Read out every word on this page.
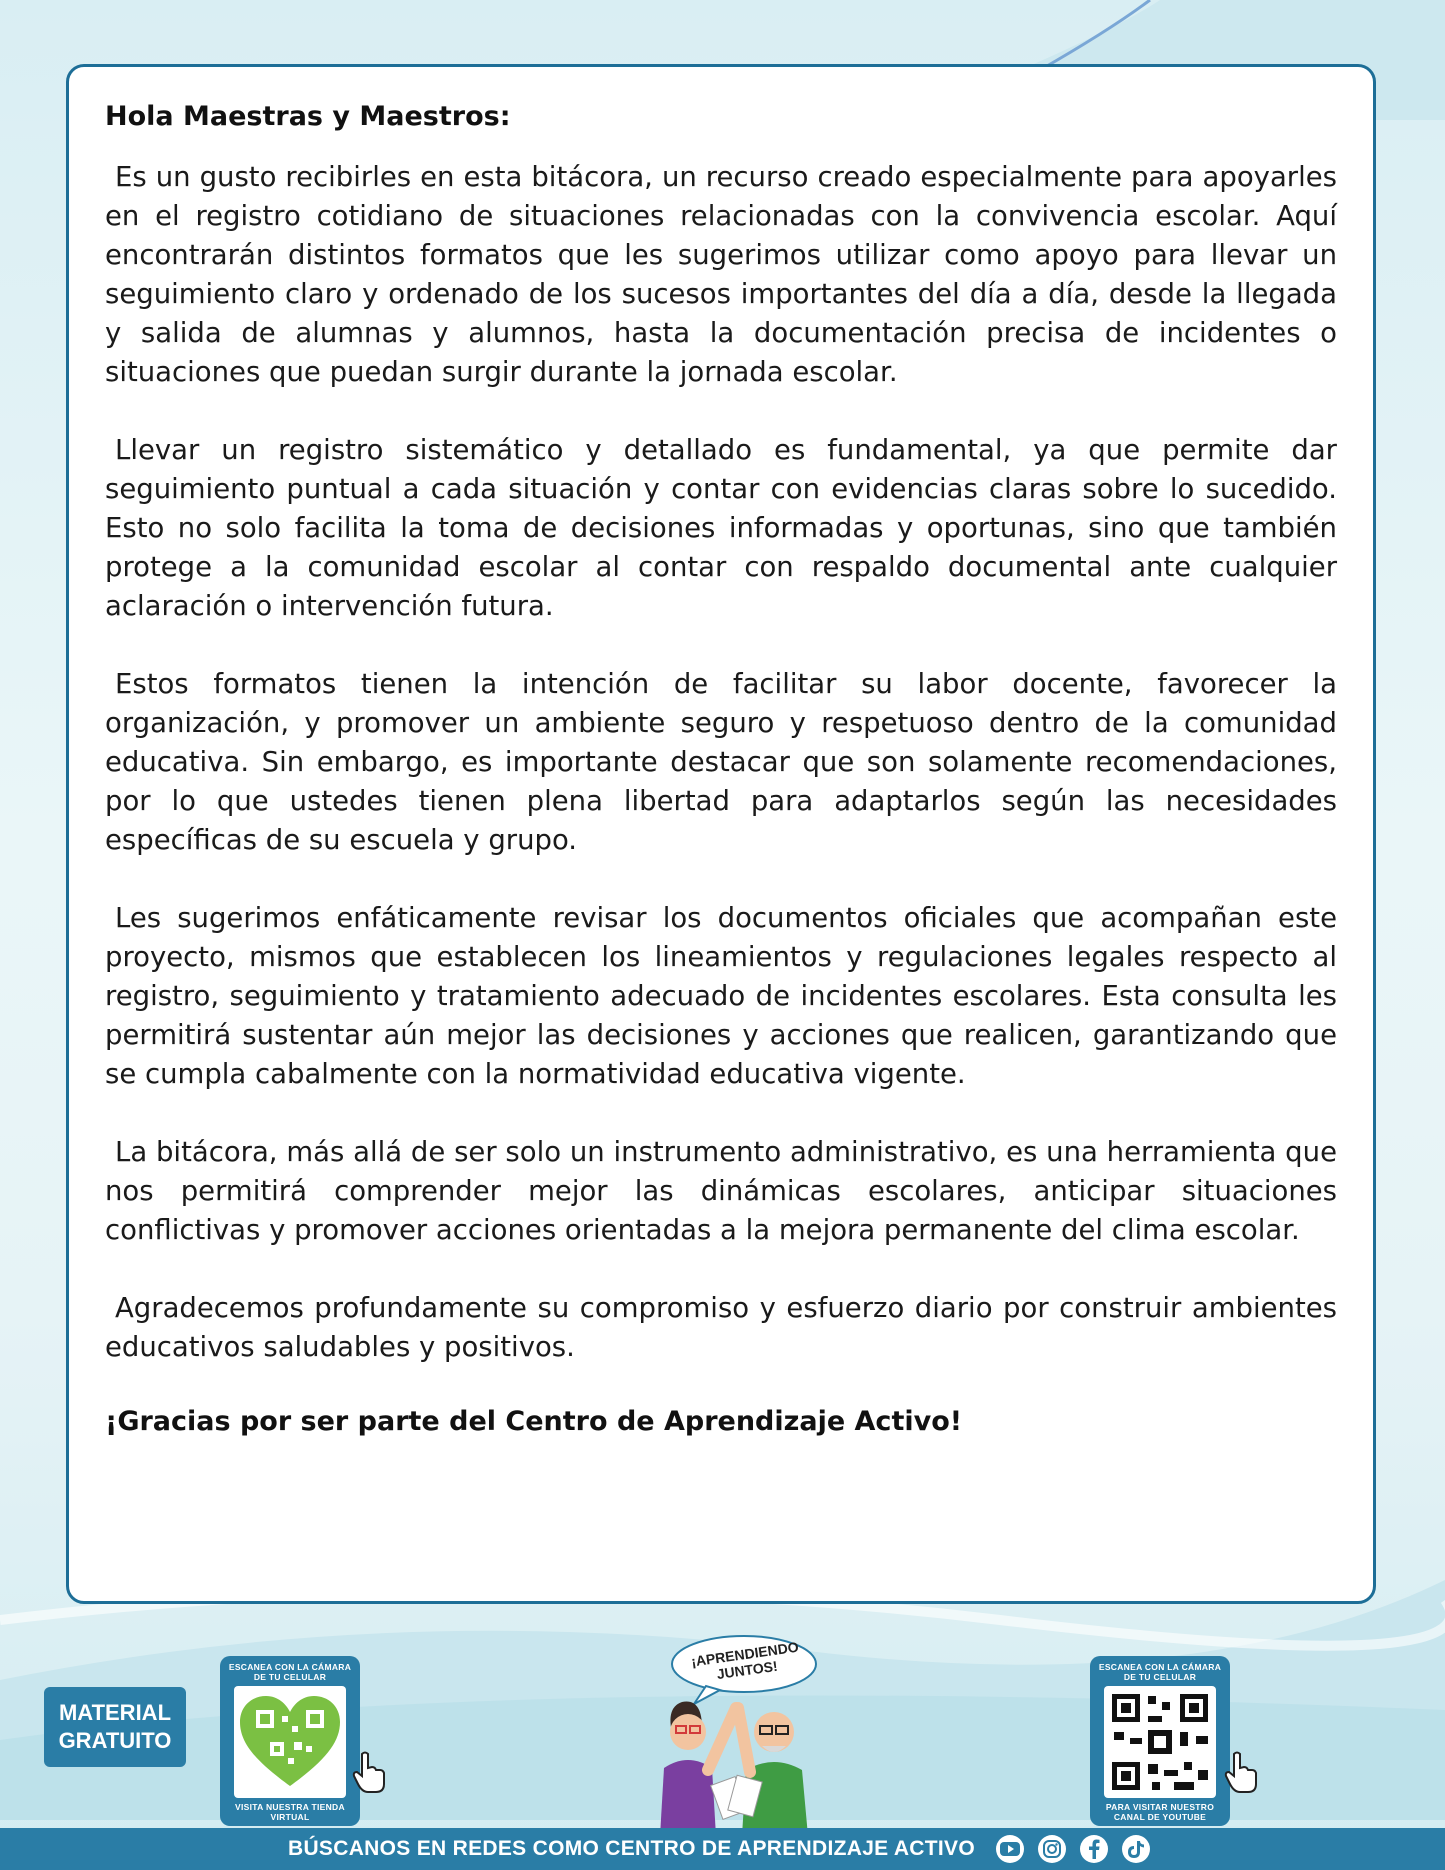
Hola Maestras y Maestros:

Es un gusto recibirles en esta bitácora, un recurso creado especialmente para apoyarles en el registro cotidiano de situaciones relacionadas con la convivencia escolar. Aquí encontrarán distintos formatos que les sugerimos utilizar como apoyo para llevar un seguimiento claro y ordenado de los sucesos importantes del día a día, desde la llegada y salida de alumnas y alumnos, hasta la documentación precisa de incidentes o situaciones que puedan surgir durante la jornada escolar.

Llevar un registro sistemático y detallado es fundamental, ya que permite dar seguimiento puntual a cada situación y contar con evidencias claras sobre lo sucedido. Esto no solo facilita la toma de decisiones informadas y oportunas, sino que también protege a la comunidad escolar al contar con respaldo documental ante cualquier aclaración o intervención futura.

Estos formatos tienen la intención de facilitar su labor docente, favorecer la organización, y promover un ambiente seguro y respetuoso dentro de la comunidad educativa. Sin embargo, es importante destacar que son solamente recomendaciones, por lo que ustedes tienen plena libertad para adaptarlos según las necesidades específicas de su escuela y grupo.

Les sugerimos enfáticamente revisar los documentos oficiales que acompañan este proyecto, mismos que establecen los lineamientos y regulaciones legales respecto al registro, seguimiento y tratamiento adecuado de incidentes escolares. Esta consulta les permitirá sustentar aún mejor las decisiones y acciones que realicen, garantizando que se cumpla cabalmente con la normatividad educativa vigente.

La bitácora, más allá de ser solo un instrumento administrativo, es una herramienta que nos permitirá comprender mejor las dinámicas escolares, anticipar situaciones conflictivas y promover acciones orientadas a la mejora permanente del clima escolar.

Agradecemos profundamente su compromiso y esfuerzo diario por construir ambientes educativos saludables y positivos.

¡Gracias por ser parte del Centro de Aprendizaje Activo!

MATERIAL
GRATUITO
ESCANEA CON LA CÁMARA DE TU CELULAR
VISITA NUESTRA TIENDA VIRTUAL
¡APRENDIENDO JUNTOS!	ESCANEA CON LA CÁMARA DE TU CELULAR
PARA VISITAR NUESTRO CANAL DE YOUTUBE
BÚSCANOS EN REDES COMO CENTRO DE APRENDIZAJE ACTIVO
